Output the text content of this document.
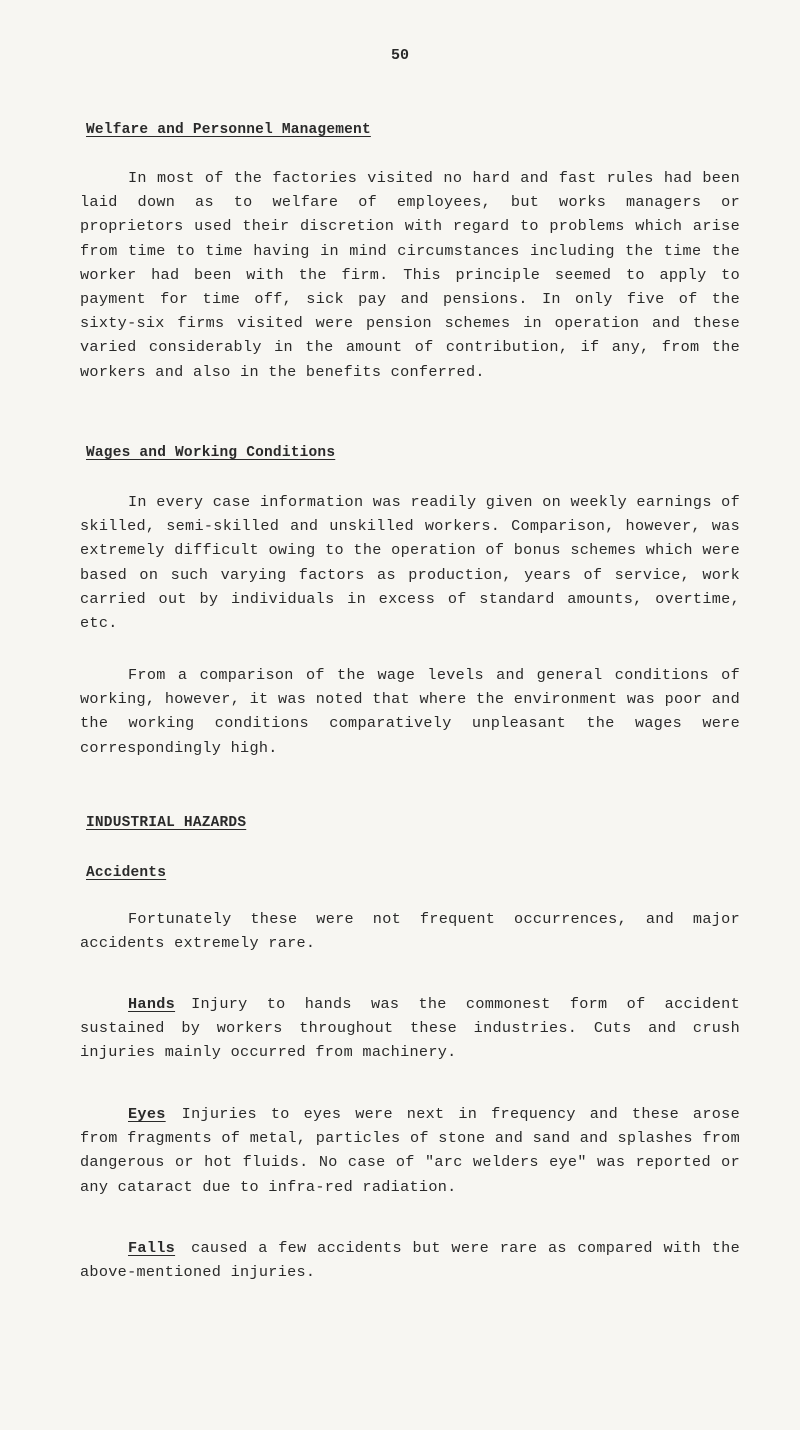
50
Welfare and Personnel Management
In most of the factories visited no hard and fast rules had been laid down as to welfare of employees, but works managers or proprietors used their discretion with regard to problems which arise from time to time having in mind circumstances including the time the worker had been with the firm. This principle seemed to apply to payment for time off, sick pay and pensions. In only five of the sixty-six firms visited were pension schemes in operation and these varied considerably in the amount of contribution, if any, from the workers and also in the benefits conferred.
Wages and Working Conditions
In every case information was readily given on weekly earnings of skilled, semi-skilled and unskilled workers. Comparison, however, was extremely difficult owing to the operation of bonus schemes which were based on such varying factors as production, years of service, work carried out by individuals in excess of standard amounts, overtime, etc.
From a comparison of the wage levels and general conditions of working, however, it was noted that where the environment was poor and the working conditions comparatively unpleasant the wages were correspondingly high.
INDUSTRIAL HAZARDS
Accidents
Fortunately these were not frequent occurrences, and major accidents extremely rare.
Hands Injury to hands was the commonest form of accident sustained by workers throughout these industries. Cuts and crush injuries mainly occurred from machinery.
Eyes Injuries to eyes were next in frequency and these arose from fragments of metal, particles of stone and sand and splashes from dangerous or hot fluids. No case of "arc welders eye" was reported or any cataract due to infra-red radiation.
Falls caused a few accidents but were rare as compared with the above-mentioned injuries.
